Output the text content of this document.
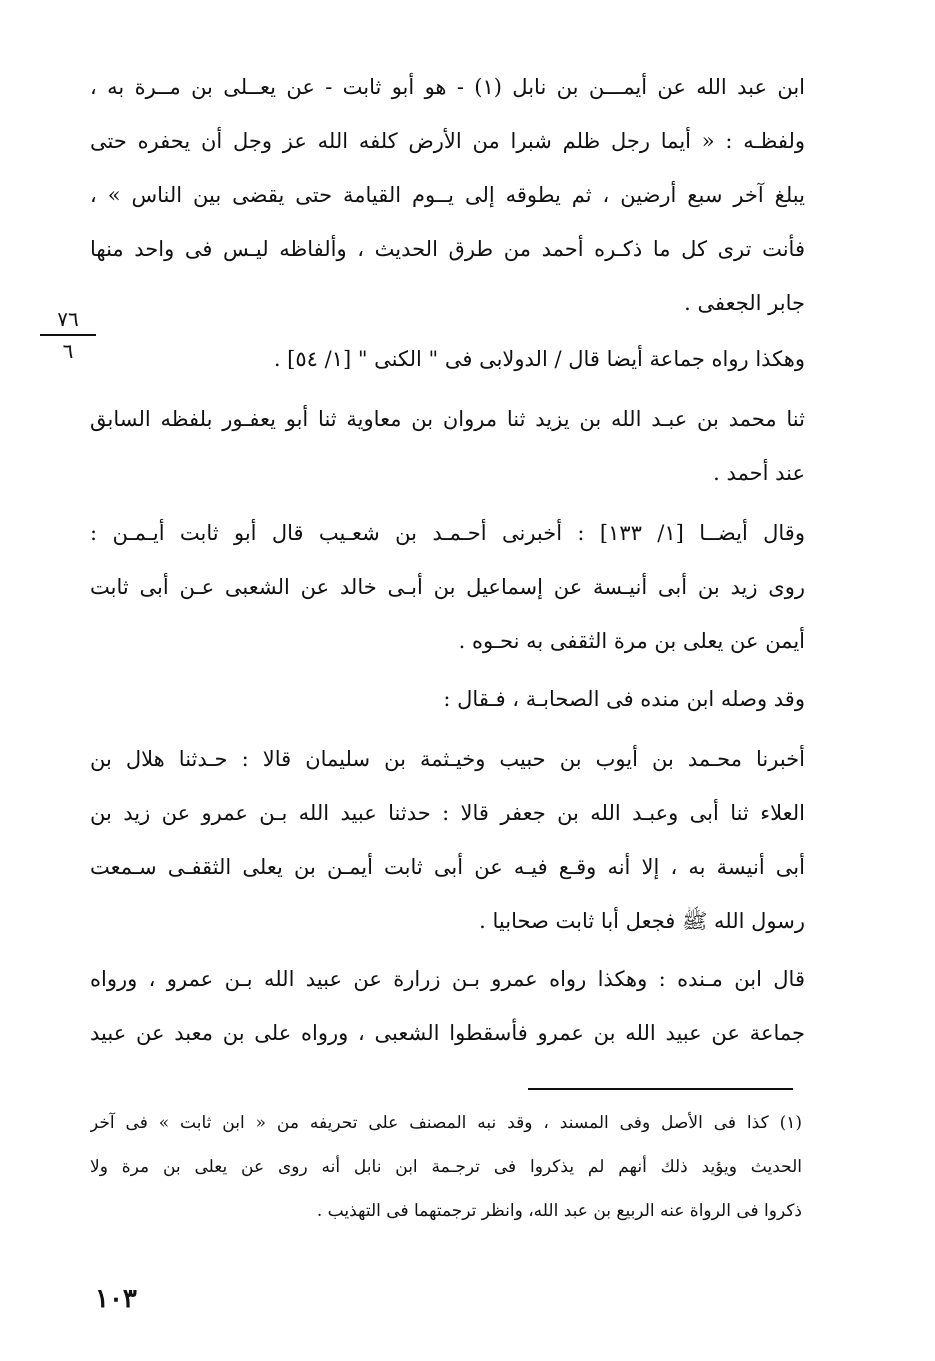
ابن عبد الله عن أيمـــن بن نابل (١) - هو أبو ثابت - عن يعــلى بن مــرة به ،
ولفظـه : « أيما رجل ظلم شبرا من الأرض كلفه الله عز وجل أن يحفره حتى
يبلغ آخر سبع أرضين ، ثم يطوقه إلى يــوم القيامة حتى يقضى بين الناس » ،
فأنت ترى كل ما ذكـره أحمد من طرق الحديث ، وألفاظه ليـس فى واحد منها
جابر الجعفى .
وهكذا رواه جماعة أيضا قال / الدولابى فى " الكنى " [١/ ٥٤] .
ثنا محمد بن عبـد الله بن يزيد ثنا مروان بن معاوية ثنا أبو يعفـور بلفظه السابق
عند أحمد .
وقال أيضــا [١/ ١٣٣] : أخبرنى أحـمـد بن شعـيب قال أبو ثابت أيـمـن :
روى زيد بن أبى أنيـسة عن إسماعيل بن أبـى خالد عن الشعبى عـن أبى ثابت
أيمن عن يعلى بن مرة الثقفى به نحـوه .
وقد وصله ابن منده فى الصحابـة ، فـقال :
أخبرنا محـمد بن أيوب بن حبيب وخيـثمة بن سليمان قالا : حـدثنا هلال بن
العلاء ثنا أبى وعبـد الله بن جعفر قالا : حدثنا عبيد الله بـن عمرو عن زيد بن
أبى أنيسة به ، إلا أنه وقـع فيـه عن أبى ثابت أيمـن بن يعلى الثقفـى سـمعت
رسول الله ﷺ فجعل أبا ثابت صحابيا .
قال ابن مـنده : وهكذا رواه عمرو بـن زرارة عن عبيد الله بـن عمرو ، ورواه
جماعة عن عبيد الله بن عمرو فأسقطوا الشعبى ، ورواه على بن معبد عن عبيد
٧٦
٦
(١) كذا فى الأصل وفى المسند ، وقد نبه المصنف على تحريفه من « ابن ثابت » فى آخر
الحديث ويؤيد ذلك أنهم لم يذكروا فى ترجـمة ابن نابل أنه روى عن يعلى بن مرة ولا
ذكروا فى الرواة عنه الربيع بن عبد الله، وانظر ترجمتهما فى التهذيب .
١٠٣
